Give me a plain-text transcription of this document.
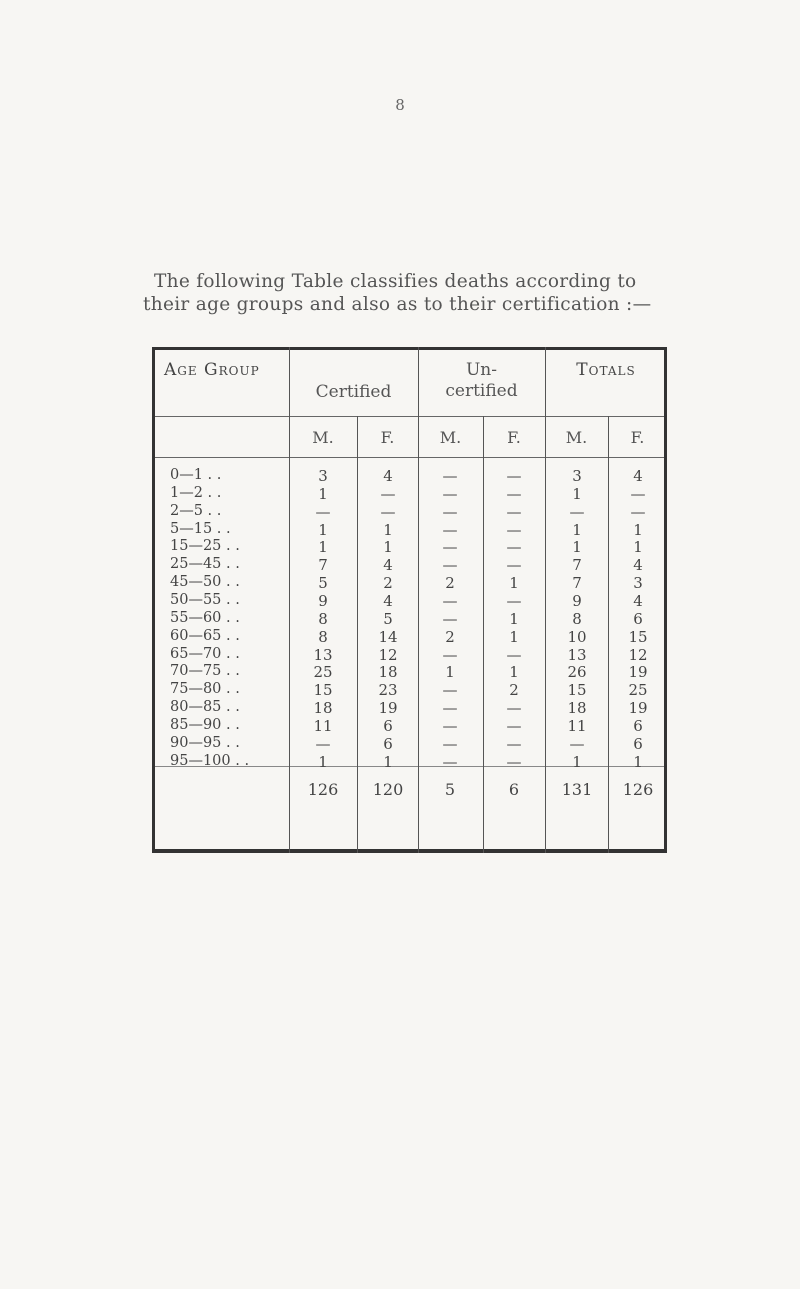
8
The following Table classifies deaths according to
their age groups and also as to their certification :—
Age Group
Certified
Un-
certified
Totals
M.	F.	M.	F.	M.	F.
0—1 . .	3	4	—	—	3	4
1—2 . .	1	—	—	—	1	—
2—5 . .	—	—	—	—	—	—
5—15 . .	1	1	—	—	1	1
15—25 . .	1	1	—	—	1	1
25—45 . .	7	4	—	—	7	4
45—50 . .	5	2	2	1	7	3
50—55 . .	9	4	—	—	9	4
55—60 . .	8	5	—	1	8	6
60—65 . .	8	14	2	1	10	15
65—70 . .	13	12	—	—	13	12
70—75 . .	25	18	1	1	26	19
75—80 . .	15	23	—	2	15	25
80—85 . .	18	19	—	—	18	19
85—90 . .	11	6	—	—	11	6
90—95 . .	—	6	—	—	—	6
95—100 . .	1	1	—	—	1	1
126	120	5	6	131	126
